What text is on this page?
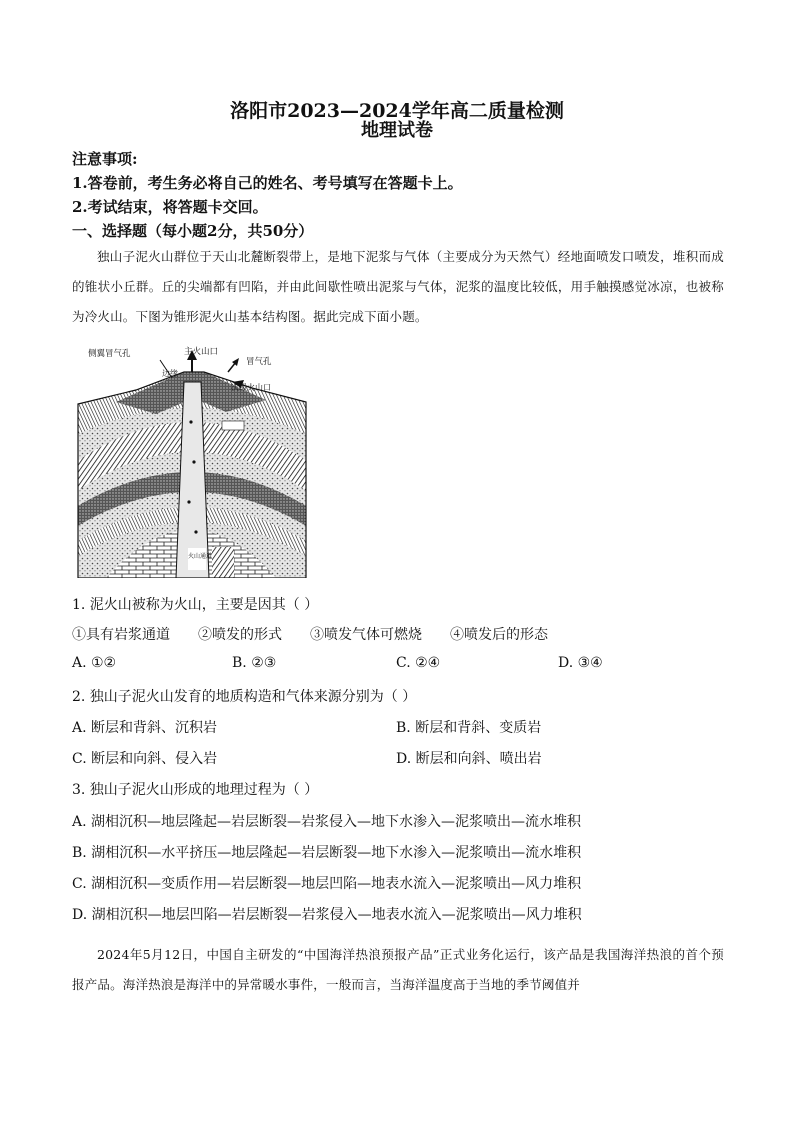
洛阳市2023—2024学年高二质量检测
地理试卷
注意事项:
1.答卷前，考生务必将自己的姓名、考号填写在答题卡上。
2.考试结束，将答题卡交回。
一、选择题（每小题2分，共50分）
独山子泥火山群位于天山北麓断裂带上，是地下泥浆与气体（主要成分为天然气）经地面喷发口喷发，堆积而成的锥状小丘群。丘的尖端都有凹陷，并由此间歇性喷出泥浆与气体，泥浆的温度比较低，用手触摸感觉冰凉，也被称为冷火山。下图为锥形泥火山基本结构图。据此完成下面小题。
侧翼冒气孔	主火山口
冒气孔
边缘
次级火山口
火山通道
1. 泥火山被称为火山，主要是因其（ ）
①具有岩浆通道　　②喷发的形式　　③喷发气体可燃烧　　④喷发后的形态
A. ①②	B. ②③	C. ②④	D. ③④
2. 独山子泥火山发育的地质构造和气体来源分别为（ ）
A. 断层和背斜、沉积岩	B. 断层和背斜、变质岩
C. 断层和向斜、侵入岩	D. 断层和向斜、喷出岩
3. 独山子泥火山形成的地理过程为（ ）
A. 湖相沉积—地层隆起—岩层断裂—岩浆侵入—地下水渗入—泥浆喷出—流水堆积
B. 湖相沉积—水平挤压—地层隆起—岩层断裂—地下水渗入—泥浆喷出—流水堆积
C. 湖相沉积—变质作用—岩层断裂—地层凹陷—地表水流入—泥浆喷出—风力堆积
D. 湖相沉积—地层凹陷—岩层断裂—岩浆侵入—地表水流入—泥浆喷出—风力堆积
2024年5月12日，中国自主研发的“中国海洋热浪预报产品”正式业务化运行，该产品是我国海洋热浪的首个预报产品。海洋热浪是海洋中的异常暖水事件，一般而言，当海洋温度高于当地的季节阈值并
